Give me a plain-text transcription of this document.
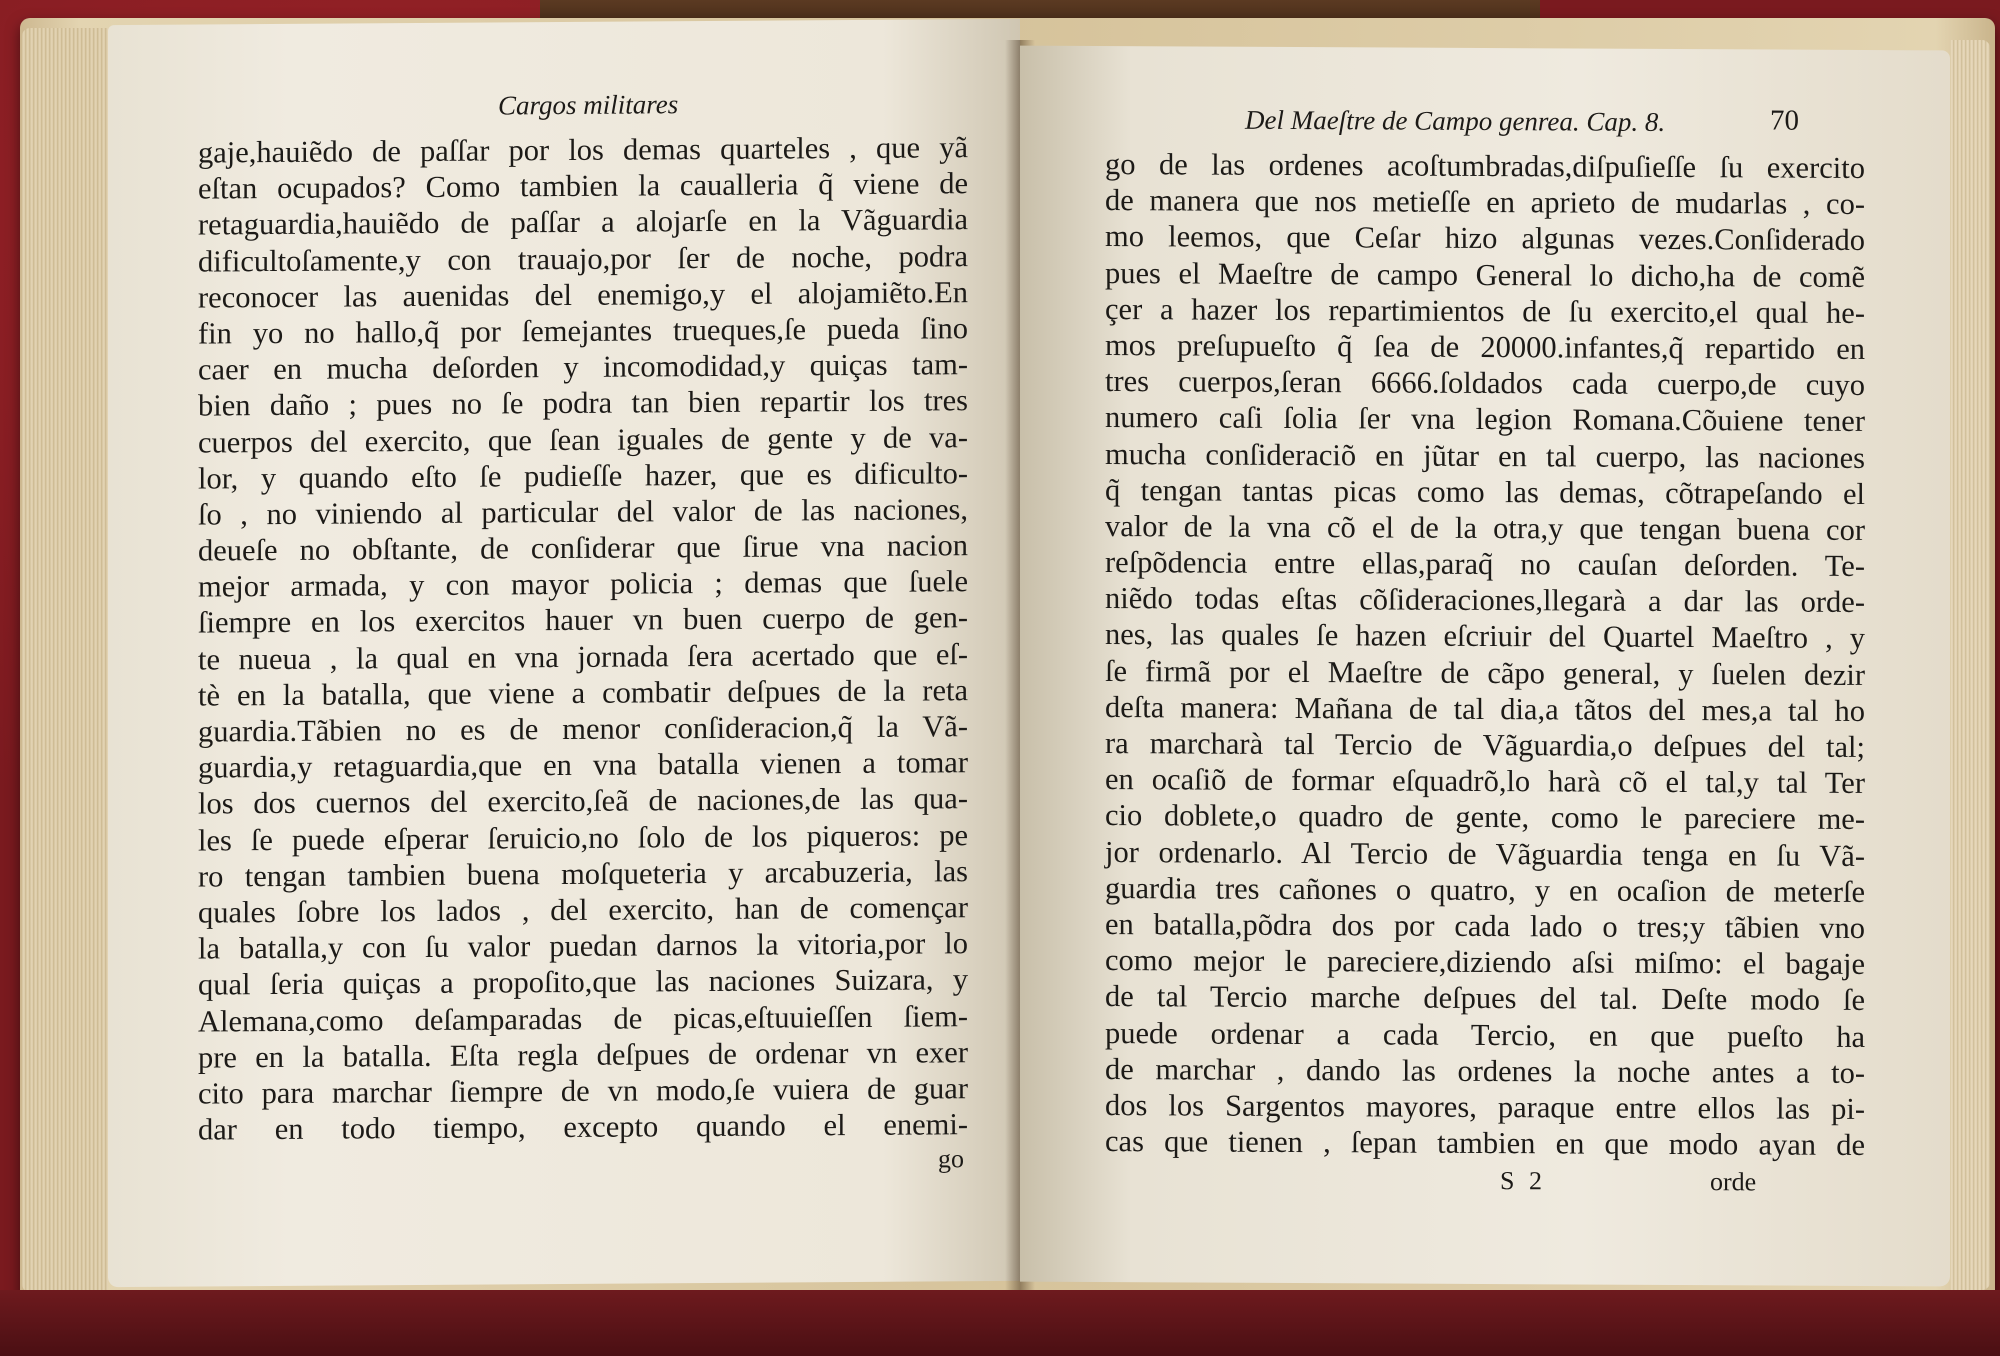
Cargos militares
gaje,hauiẽdo de paſſar por los demas quarteles , que yã
eſtan ocupados? Como tambien la caualleria q̃ viene de
retaguardia,hauiẽdo de paſſar a alojarſe en la Vãguardia
dificultoſamente,y con trauajo,por ſer de noche, podra
reconocer las auenidas del enemigo,y el alojamiẽto.En
fin yo no hallo,q̃ por ſemejantes trueques,ſe pueda ſino
caer en mucha deſorden y incomodidad,y quiças tam-
bien daño ; pues no ſe podra tan bien repartir los tres
cuerpos del exercito, que ſean iguales de gente y de va-
lor, y quando eſto ſe pudieſſe hazer, que es dificulto-
ſo , no viniendo al particular del valor de las naciones,
deueſe no obſtante, de conſiderar que ſirue vna nacion
mejor armada, y con mayor policia ; demas que ſuele
ſiempre en los exercitos hauer vn buen cuerpo de gen-
te nueua , la qual en vna jornada ſera acertado que eſ-
tè en la batalla, que viene a combatir deſpues de la reta
guardia.Tãbien no es de menor conſideracion,q̃ la Vã-
guardia,y retaguardia,que en vna batalla vienen a tomar
los dos cuernos del exercito,ſeã de naciones,de las qua-
les ſe puede eſperar ſeruicio,no ſolo de los piqueros: pe
ro tengan tambien buena moſqueteria y arcabuzeria, las
quales ſobre los lados , del exercito, han de començar
la batalla,y con ſu valor puedan darnos la vitoria,por lo
qual ſeria quiças a propoſito,que las naciones Suizara, y
Alemana,como deſamparadas de picas,eſtuuieſſen ſiem-
pre en la batalla. Eſta regla deſpues de ordenar vn exer
cito para marchar ſiempre de vn modo,ſe vuiera de guar
dar en todo tiempo, excepto quando el enemi-
go
Del Maeſtre de Campo genrea. Cap. 8.	70
go de las ordenes acoſtumbradas,diſpuſieſſe ſu exercito
de manera que nos metieſſe en aprieto de mudarlas , co-
mo leemos, que Ceſar hizo algunas vezes.Conſiderado
pues el Maeſtre de campo General lo dicho,ha de comẽ
çer a hazer los repartimientos de ſu exercito,el qual he-
mos preſupueſto q̃ ſea de 20000.infantes,q̃ repartido en
tres cuerpos,ſeran 6666.ſoldados cada cuerpo,de cuyo
numero caſi ſolia ſer vna legion Romana.Cõuiene tener
mucha conſideraciõ en jũtar en tal cuerpo, las naciones
q̃ tengan tantas picas como las demas, cõtrapeſando el
valor de la vna cõ el de la otra,y que tengan buena cor
reſpõdencia entre ellas,paraq̃ no cauſan deſorden. Te-
niẽdo todas eſtas cõſideraciones,llegarà a dar las orde-
nes, las quales ſe hazen eſcriuir del Quartel Maeſtro , y
ſe firmã por el Maeſtre de cãpo general, y ſuelen dezir
deſta manera: Mañana de tal dia,a tãtos del mes,a tal ho
ra marcharà tal Tercio de Vãguardia,o deſpues del tal;
en ocaſiõ de formar eſquadrõ,lo harà cõ el tal,y tal Ter
cio doblete,o quadro de gente, como le pareciere me-
jor ordenarlo. Al Tercio de Vãguardia tenga en ſu Vã-
guardia tres cañones o quatro, y en ocaſion de meterſe
en batalla,põdra dos por cada lado o tres;y tãbien vno
como mejor le pareciere,diziendo aſsi miſmo: el bagaje
de tal Tercio marche deſpues del tal. Deſte modo ſe
puede ordenar a cada Tercio, en que pueſto ha
de marchar , dando las ordenes la noche antes a to-
dos los Sargentos mayores, paraque entre ellos las pi-
cas que tienen , ſepan tambien en que modo ayan de
S 2	orde
